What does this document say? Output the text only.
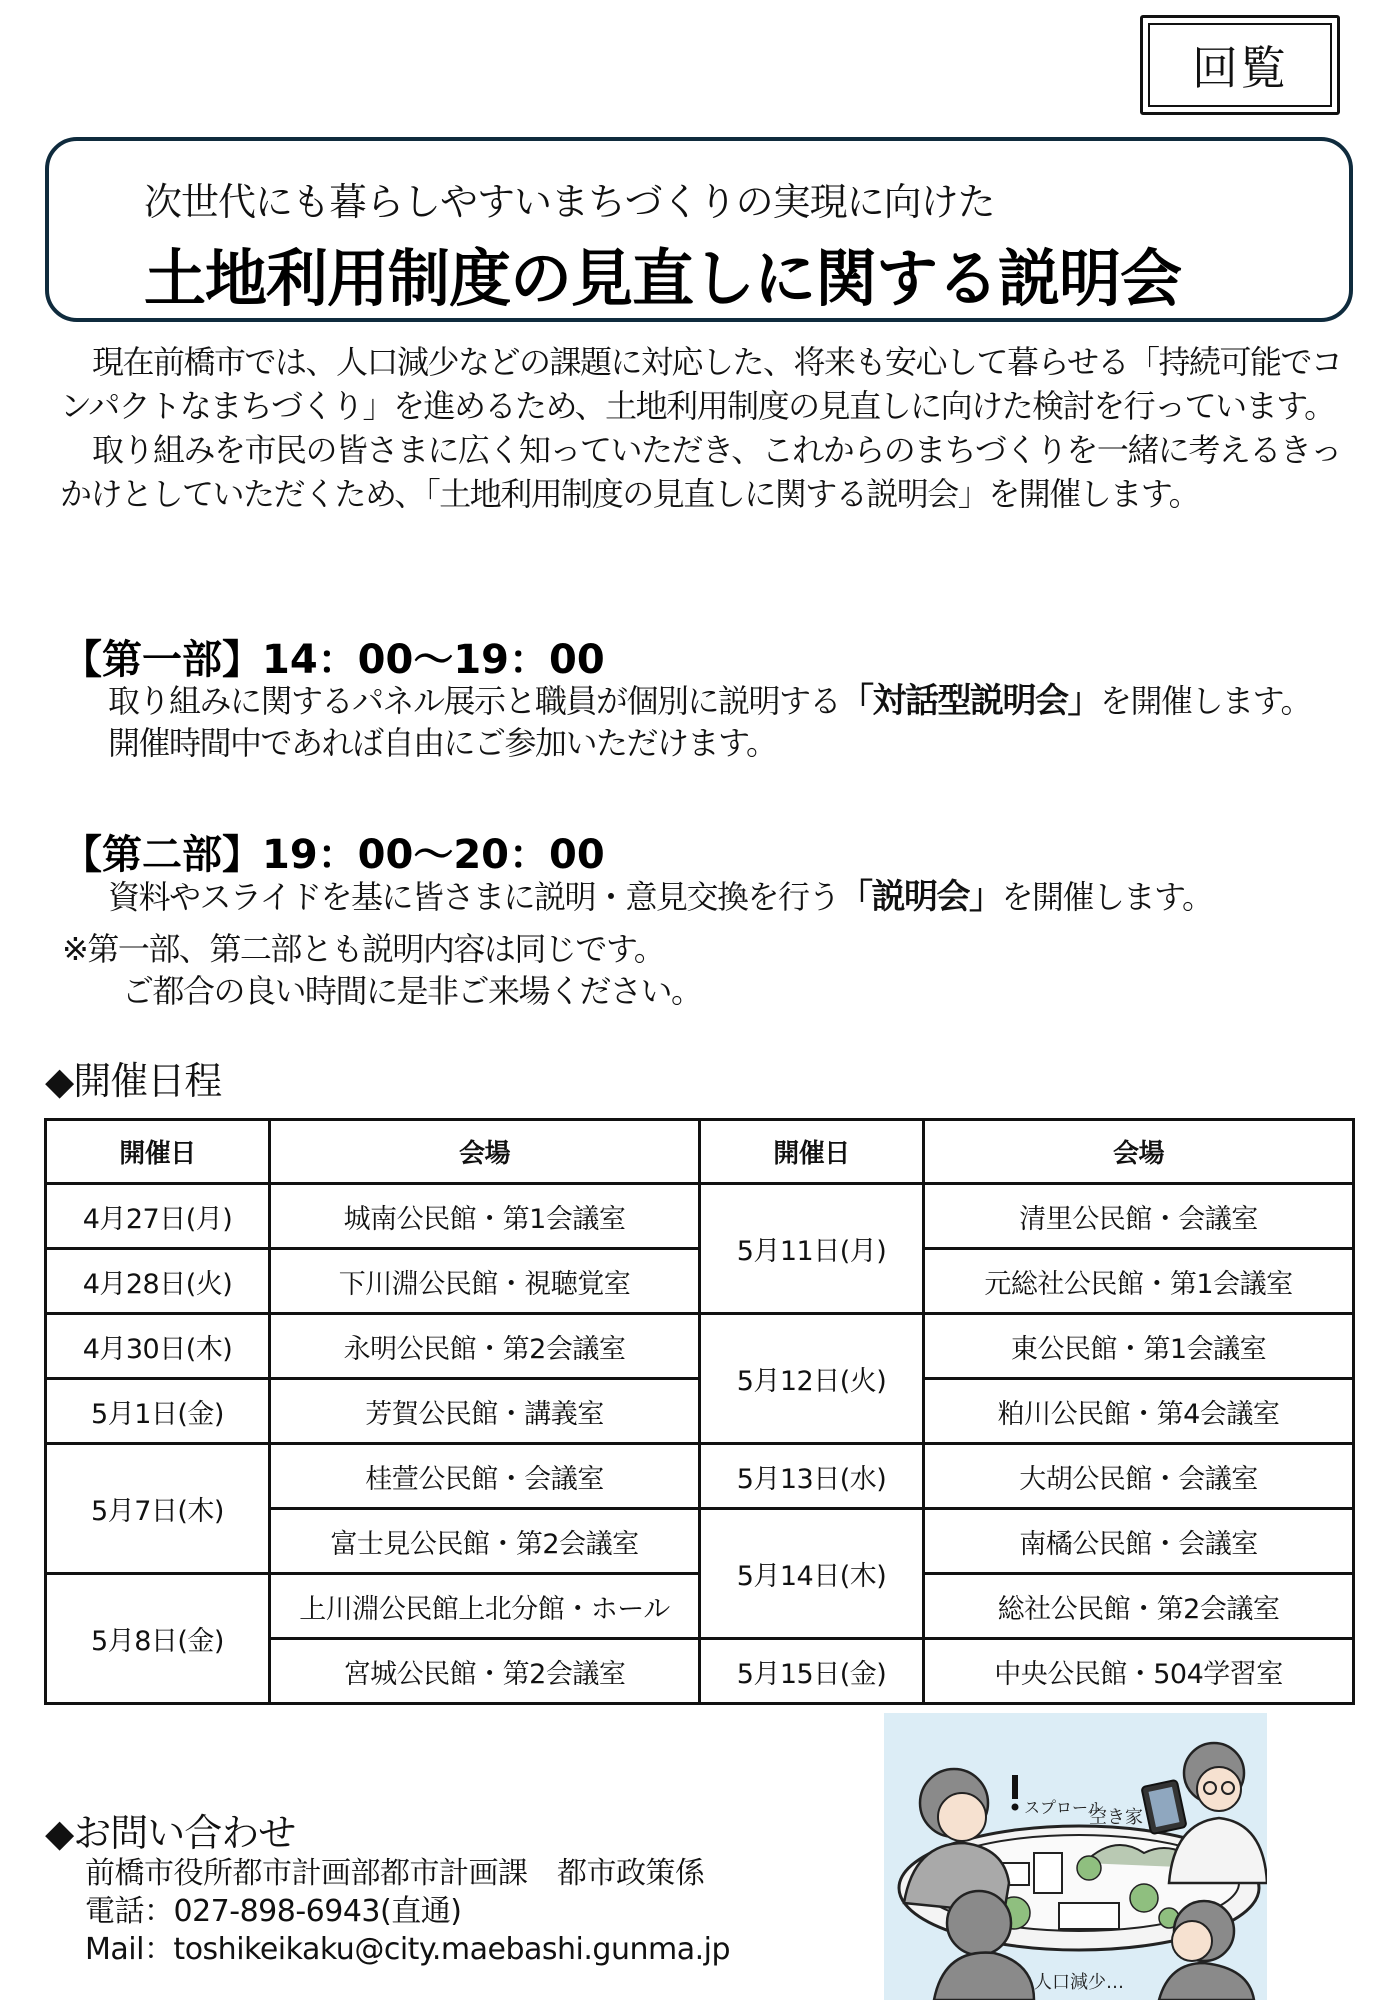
回覧
次世代にも暮らしやすいまちづくりの実現に向けた
土地利用制度の見直しに関する説明会

現在前橋市では、人口減少などの課題に対応した、将来も安心して暮らせる「持続可能でコンパクトなまちづくり」を進めるため、土地利用制度の見直しに向けた検討を行っています。

取り組みを市民の皆さまに広く知っていただき、これからのまちづくりを一緒に考えるきっかけとしていただくため、「土地利用制度の見直しに関する説明会」を開催します。

【第一部】14：00～19：00
取り組みに関するパネル展示と職員が個別に説明する「対話型説明会」を開催します。
開催時間中であれば自由にご参加いただけます。
【第二部】19：00～20：00
資料やスライドを基に皆さまに説明・意見交換を行う「説明会」を開催します。
※第一部、第二部とも説明内容は同じです。
ご都合の良い時間に是非ご来場ください。
◆開催日程
開催日	会場	開催日	会場
4月27日(月)	城南公民館・第1会議室	5月11日(月)	清里公民館・会議室
4月28日(火)	下川淵公民館・視聴覚室		元総社公民館・第1会議室
4月30日(木)	永明公民館・第2会議室	5月12日(火)	東公民館・第1会議室
5月1日(金)	芳賀公民館・講義室		粕川公民館・第4会議室
5月7日(木)	桂萱公民館・会議室	5月13日(水)	大胡公民館・会議室
	富士見公民館・第2会議室	5月14日(木)	南橘公民館・会議室
5月8日(金)	上川淵公民館上北分館・ホール		総社公民館・第2会議室
	宮城公民館・第2会議室	5月15日(金)	中央公民館・504学習室
◆お問い合わせ
前橋市役所都市計画部都市計画課　都市政策係
電話：027-898-6943(直通)
Mail：toshikeikaku@city.maebashi.gunma.jp
スプロール
空き家
人口減少…
